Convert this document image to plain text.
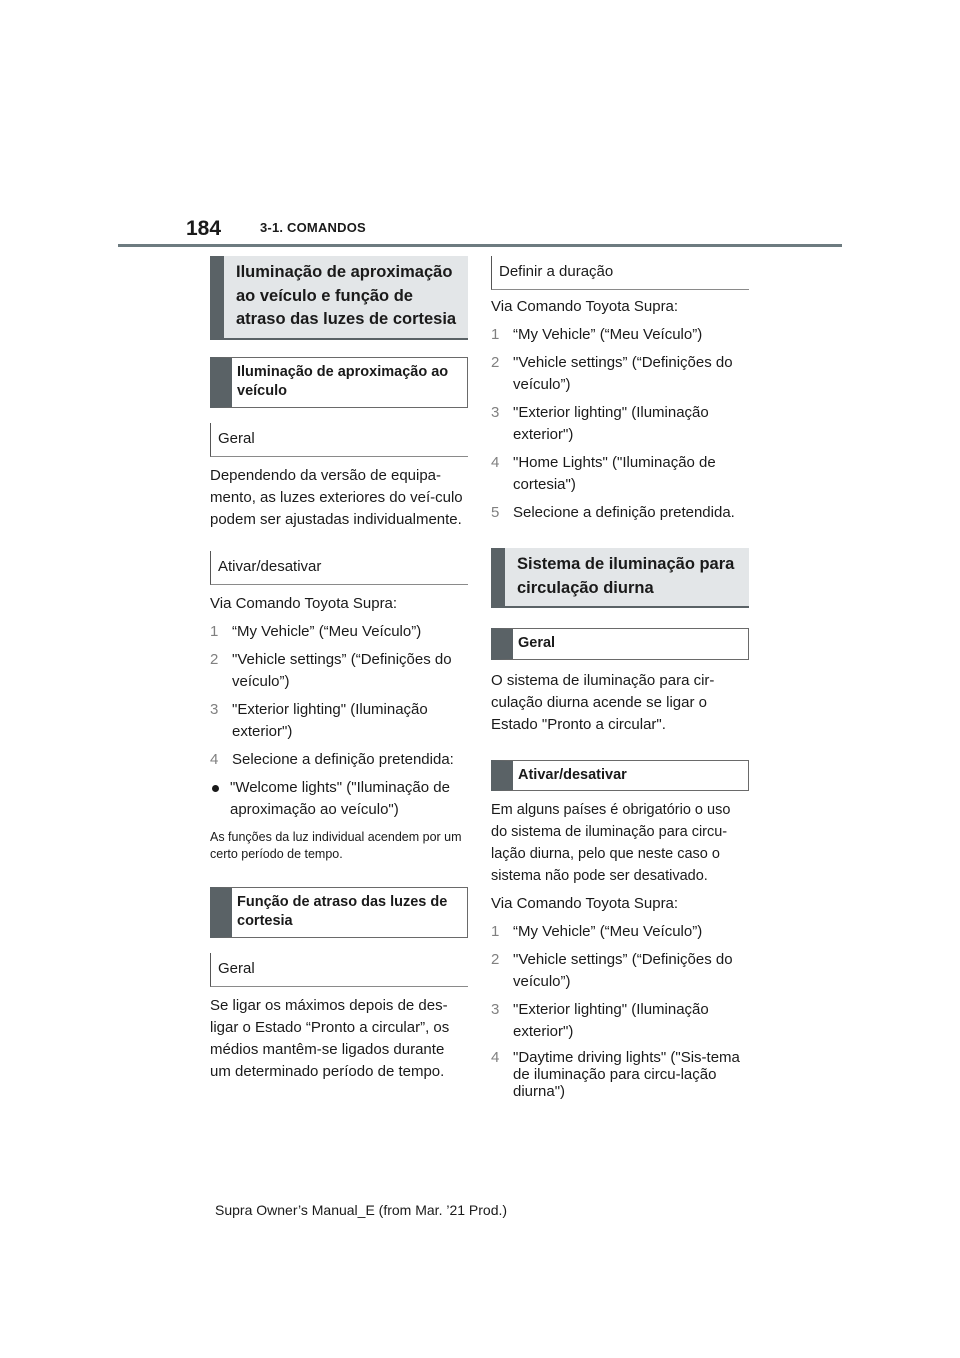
184	3-1. COMANDOS
Iluminação de aproximação ao veículo e função de atraso das luzes de cortesia
Iluminação de aproximação ao veículo
Geral

Dependendo da versão de equipa-mento, as luzes exteriores do veí-culo podem ser ajustadas individualmente.

Ativar/desativar

Via Comando Toyota Supra:

1 “My Vehicle” (“Meu Veículo”)
2 "Vehicle settings” (“Definições do veículo”)
3 "Exterior lighting" (Iluminação exterior")
4 Selecione a definição pretendida:
"Welcome lights" ("Iluminação de aproximação ao veículo")

As funções da luz individual acendem por um certo período de tempo.

Função de atraso das luzes de cortesia
Geral

Se ligar os máximos depois de des-ligar o Estado “Pronto a circular”, os médios mantêm-se ligados durante um determinado período de tempo.

Definir a duração

Via Comando Toyota Supra:

1 “My Vehicle” (“Meu Veículo”)
2 "Vehicle settings” (“Definições do veículo”)
3 "Exterior lighting" (Iluminação exterior")
4 "Home Lights" ("Iluminação de cortesia")
5 Selecione a definição pretendida.
Sistema de iluminação para circulação diurna
Geral

O sistema de iluminação para cir-culação diurna acende se ligar o Estado "Pronto a circular".

Ativar/desativar

Em alguns países é obrigatório o uso do sistema de iluminação para circu-lação diurna, pelo que neste caso o sistema não pode ser desativado.

Via Comando Toyota Supra:

1 “My Vehicle” (“Meu Veículo”)
2 "Vehicle settings” (“Definições do veículo”)
3 "Exterior lighting" (Iluminação exterior")
4 "Daytime driving lights" ("Sis-tema de iluminação para circu-lação diurna")
Supra Owner’s Manual_E (from Mar. ’21 Prod.)
